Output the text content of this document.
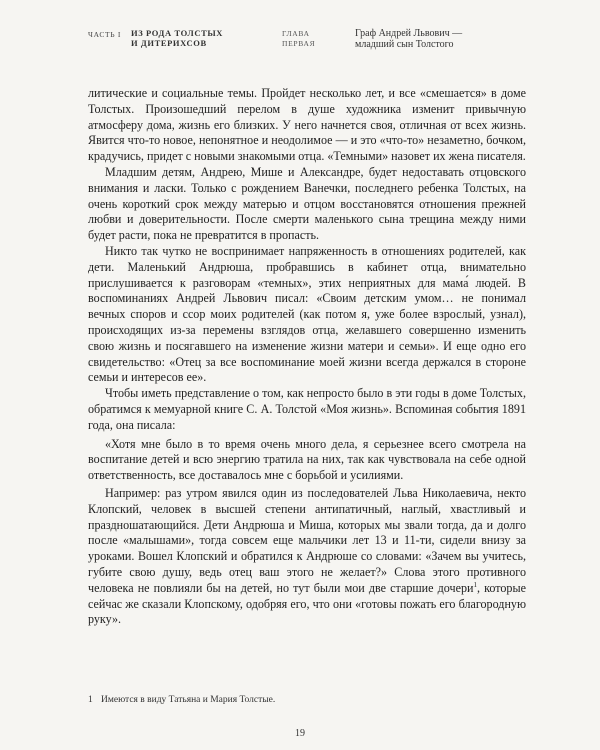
ЧАСТЬ I ИЗ РОДА ТОЛСТЫХ
И ДИТЕРИХСОВ
ГЛАВА
ПЕРВАЯ
Граф Андрей Львович —
младший сын Толстого

литические и социальные темы. Пройдет несколько лет, и все «смешается» в доме Толстых. Произошедший перелом в душе художника изменит привычную атмосферу дома, жизнь его близких. У него начнется своя, отличная от всех жизнь. Явится что-то новое, непонятное и неодолимое — и это «что-то» незаметно, бочком, крадучись, придет с новыми знакомыми отца. «Темными» назовет их жена писателя.

Младшим детям, Андрею, Мише и Александре, будет недоставать отцовского внимания и ласки. Только с рождением Ванечки, последнего ребенка Толстых, на очень короткий срок между матерью и отцом восстановятся отношения прежней любви и доверительности. После смерти маленького сына трещина между ними будет расти, пока не превратится в пропасть.

Никто так чутко не воспринимает напряженность в отношениях родителей, как дети. Маленький Андрюша, пробравшись в кабинет отца, внимательно прислушивается к разговорам «темных», этих неприятных для мама́ людей. В воспоминаниях Андрей Львович писал: «Своим детским умом… не понимал вечных споров и ссор моих родителей (как потом я, уже более взрослый, узнал), происходящих из-за перемены взглядов отца, желавшего совершенно изменить свою жизнь и посягавшего на изменение жизни матери и семьи». И еще одно его свидетельство: «Отец за все воспоминание моей жизни всегда держался в стороне семьи и интересов ее».

Чтобы иметь представление о том, как непросто было в эти годы в доме Толстых, обратимся к мемуарной книге С. А. Толстой «Моя жизнь». Вспоминая события 1891 года, она писала:

«Хотя мне было в то время очень много дела, я серьезнее всего смотрела на воспитание детей и всю энергию тратила на них, так как чувствовала на себе одной ответственность, все доставалось мне с борьбой и усилиями.

Например: раз утром явился один из последователей Льва Николаевича, некто Клопский, человек в высшей степени антипатичный, наглый, хвастливый и праздношатающийся. Дети Андрюша и Миша, которых мы звали тогда, да и долго после «малышами», тогда совсем еще мальчики лет 13 и 11-ти, сидели внизу за уроками. Вошел Клопский и обратился к Андрюше со словами: «Зачем вы учитесь, губите свою душу, ведь отец ваш этого не желает?» Слова этого противного человека не повлияли бы на детей, но тут были мои две старшие дочери$^1$, которые сейчас же сказали Клопскому, одобряя его, что они «готовы пожать его благородную руку».

1 Имеются в виду Татьяна и Мария Толстые.
19
